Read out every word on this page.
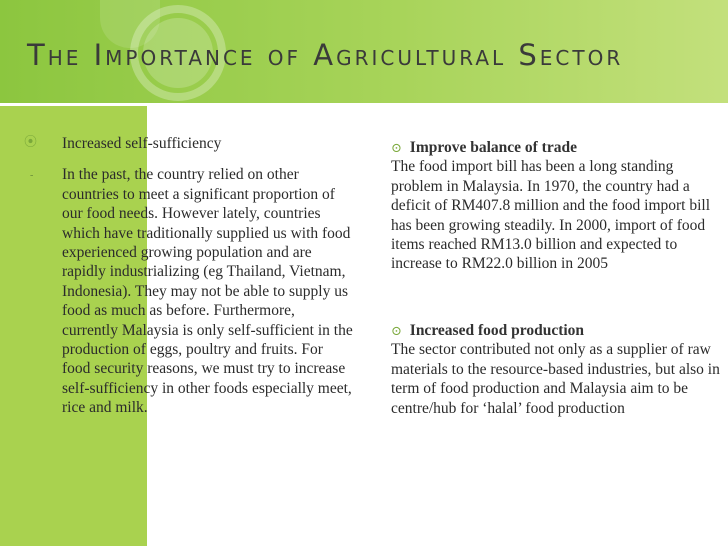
The Importance of Agricultural Sector
⦿ Increased self-sufficiency
- In the past, the country relied on other countries to meet a significant proportion of our food needs. However lately, countries which have traditionally supplied us with food experienced growing population and are rapidly industrializing (eg Thailand, Vietnam, Indonesia). They may not be able to supply us food as much as before. Furthermore, currently Malaysia is only self-sufficient in the production of eggs, poultry and fruits. For food security reasons, we must try to increase self-sufficiency in other foods especially meet, rice and milk.
⊙ Improve balance of trade
The food import bill has been a long standing problem in Malaysia. In 1970, the country had a deficit of RM407.8 million and the food import bill has been growing steadily. In 2000, import of food items reached RM13.0 billion and expected to increase to RM22.0 billion in 2005
⊙ Increased food production
The sector contributed not only as a supplier of raw materials to the resource-based industries, but also in term of food production and Malaysia aim to be centre/hub for ‘halal’ food production
